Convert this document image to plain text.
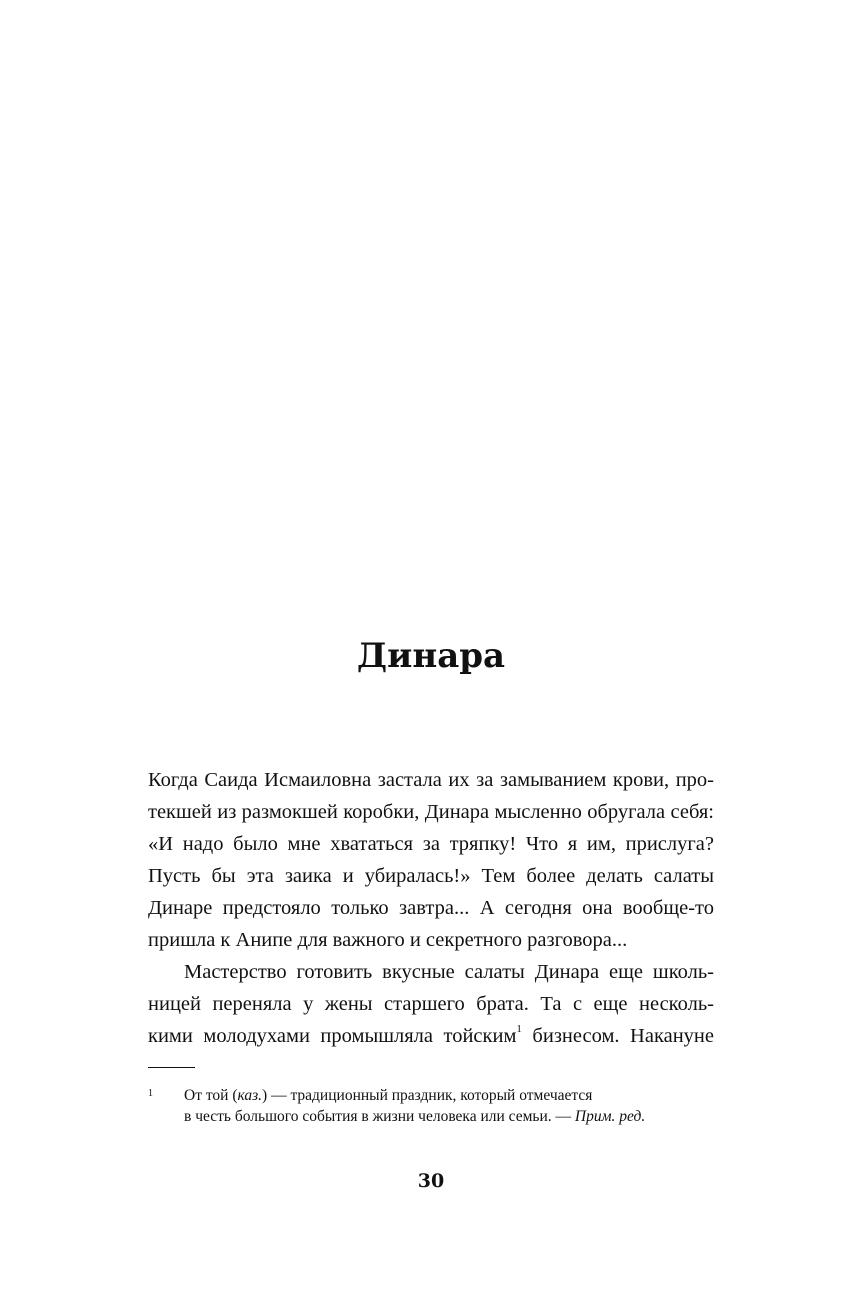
Динара
Когда Саида Исмаиловна застала их за замыванием крови, про-
текшей из размокшей коробки, Динара мысленно обругала себя:
«И надо было мне хвататься за тряпку! Что я им, прислуга?
Пусть бы эта заика и убиралась!» Тем более делать салаты
Динаре предстояло только завтра... А сегодня она вообще-то
пришла к Анипе для важного и секретного разговора...
Мастерство готовить вкусные салаты Динара еще школь-
ницей переняла у жены старшего брата. Та с еще несколь-
кими молодухами промышляла тойским$^1$ бизнесом. Накануне
1 От той (каз.) — традиционный праздник, который отмечается
в честь большого события в жизни человека или семьи. — Прим. ред.
30
